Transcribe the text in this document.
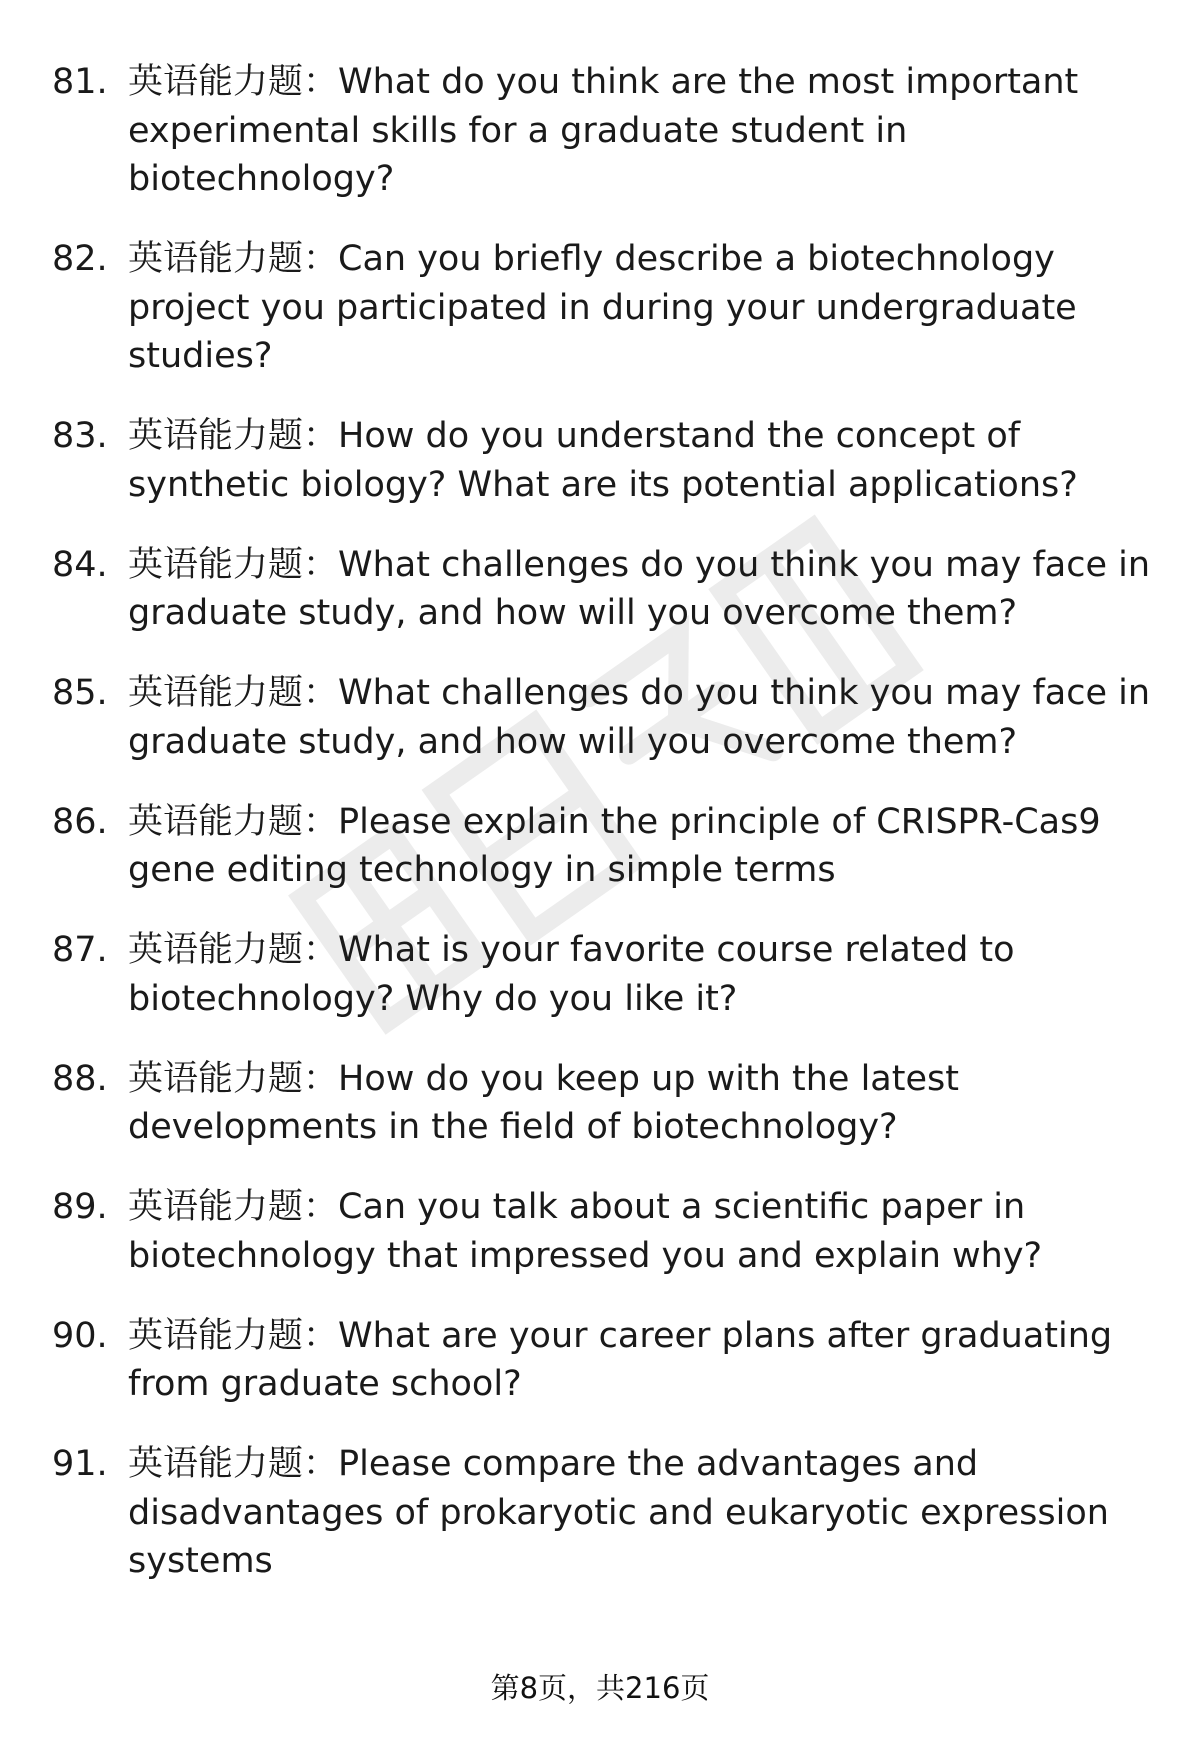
81. 英语能力题：What do you think are the most important experimental skills for a graduate student in biotechnology?
82. 英语能力题：Can you briefly describe a biotechnology project you participated in during your undergraduate studies?
83. 英语能力题：How do you understand the concept of synthetic biology? What are its potential applications?
84. 英语能力题：What challenges do you think you may face in graduate study, and how will you overcome them?
85. 英语能力题：What challenges do you think you may face in graduate study, and how will you overcome them?
86. 英语能力题：Please explain the principle of CRISPR-Cas9 gene editing technology in simple terms
87. 英语能力题：What is your favorite course related to biotechnology? Why do you like it?
88. 英语能力题：How do you keep up with the latest developments in the field of biotechnology?
89. 英语能力题：Can you talk about a scientific paper in biotechnology that impressed you and explain why?
90. 英语能力题：What are your career plans after graduating from graduate school?
91. 英语能力题：Please compare the advantages and disadvantages of prokaryotic and eukaryotic expression systems
第8页，共216页
